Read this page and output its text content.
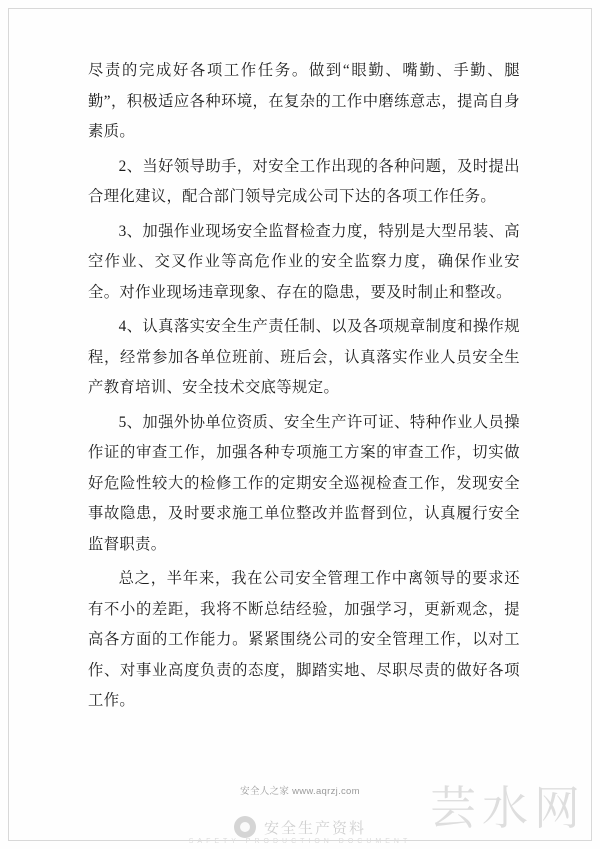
尽责的完成好各项工作任务。做到“眼勤、嘴勤、手勤、腿勤”，积极适应各种环境，在复杂的工作中磨练意志，提高自身素质。

2、当好领导助手，对安全工作出现的各种问题，及时提出合理化建议，配合部门领导完成公司下达的各项工作任务。

3、加强作业现场安全监督检查力度，特别是大型吊装、高空作业、交叉作业等高危作业的安全监察力度，确保作业安全。对作业现场违章现象、存在的隐患，要及时制止和整改。

4、认真落实安全生产责任制、以及各项规章制度和操作规程，经常参加各单位班前、班后会，认真落实作业人员安全生产教育培训、安全技术交底等规定。

5、加强外协单位资质、安全生产许可证、特种作业人员操作证的审查工作，加强各种专项施工方案的审查工作，切实做好危险性较大的检修工作的定期安全巡视检查工作，发现安全事故隐患，及时要求施工单位整改并监督到位，认真履行安全监督职责。

总之，半年来，我在公司安全管理工作中离领导的要求还有不小的差距，我将不断总结经验，加强学习，更新观念，提高各方面的工作能力。紧紧围绕公司的安全管理工作，以对工作、对事业高度负责的态度，脚踏实地、尽职尽责的做好各项工作。

安全人之家 www.aqrzj.com	芸水网
安全生产资料
SAFETY PRODUCTION DOCUMENT
